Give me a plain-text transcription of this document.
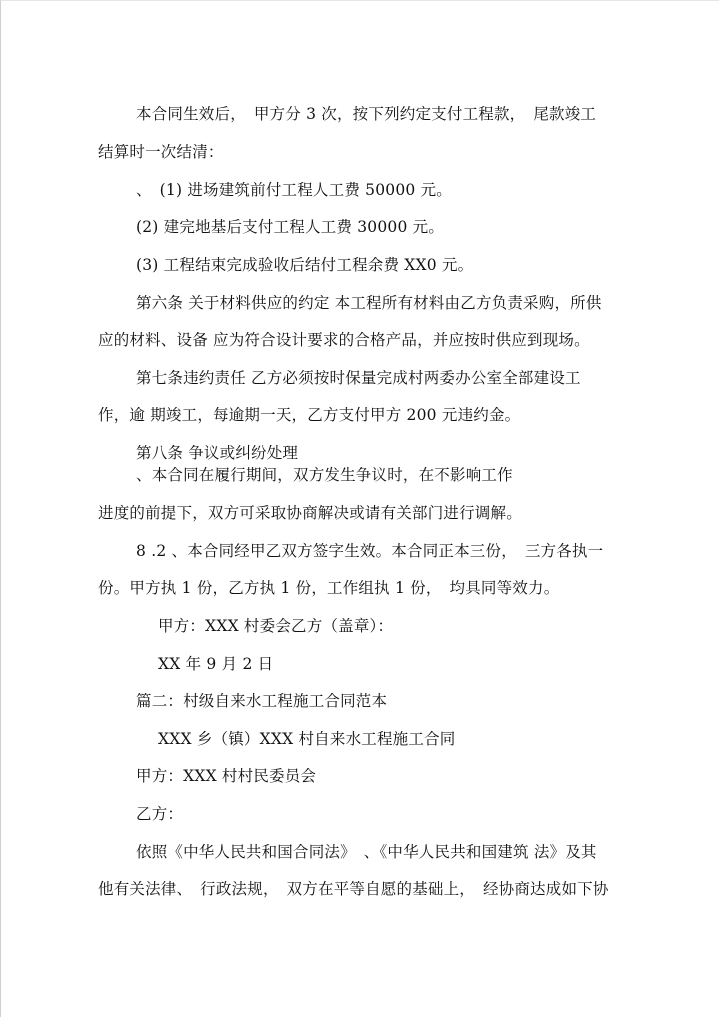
本合同生效后，　甲方分 3 次，按下列约定支付工程款，　尾款竣工
结算时一次结清：
、　(1) 进场建筑前付工程人工费 50000 元。
(2) 建完地基后支付工程人工费 30000 元。
(3) 工程结束完成验收后结付工程余费 XX0 元。
第六条 关于材料供应的约定 本工程所有材料由乙方负责采购，所供
应的材料、设备 应为符合设计要求的合格产品，并应按时供应到现场。
第七条违约责任 乙方必须按时保量完成村两委办公室全部建设工
作，逾 期竣工，每逾期一天，乙方支付甲方 200 元违约金。
第八条 争议或纠纷处理
、本合同在履行期间，双方发生争议时，在不影响工作
进度的前提下，双方可采取协商解决或请有关部门进行调解。
8 .2 、本合同经甲乙双方签字生效。本合同正本三份，　三方各执一
份。甲方执 1 份，乙方执 1 份，工作组执 1 份，　均具同等效力。
甲方：XXX 村委会乙方（盖章）：
XX 年 9 月 2 日
篇二：村级自来水工程施工合同范本
XXX 乡（镇）XXX 村自来水工程施工合同
甲方：XXX 村村民委员会
乙方：
依照《中华人民共和国合同法》　、《中华人民共和国建筑 法》及其
他有关法律、　行政法规，　双方在平等自愿的基础上，　经协商达成如下协
